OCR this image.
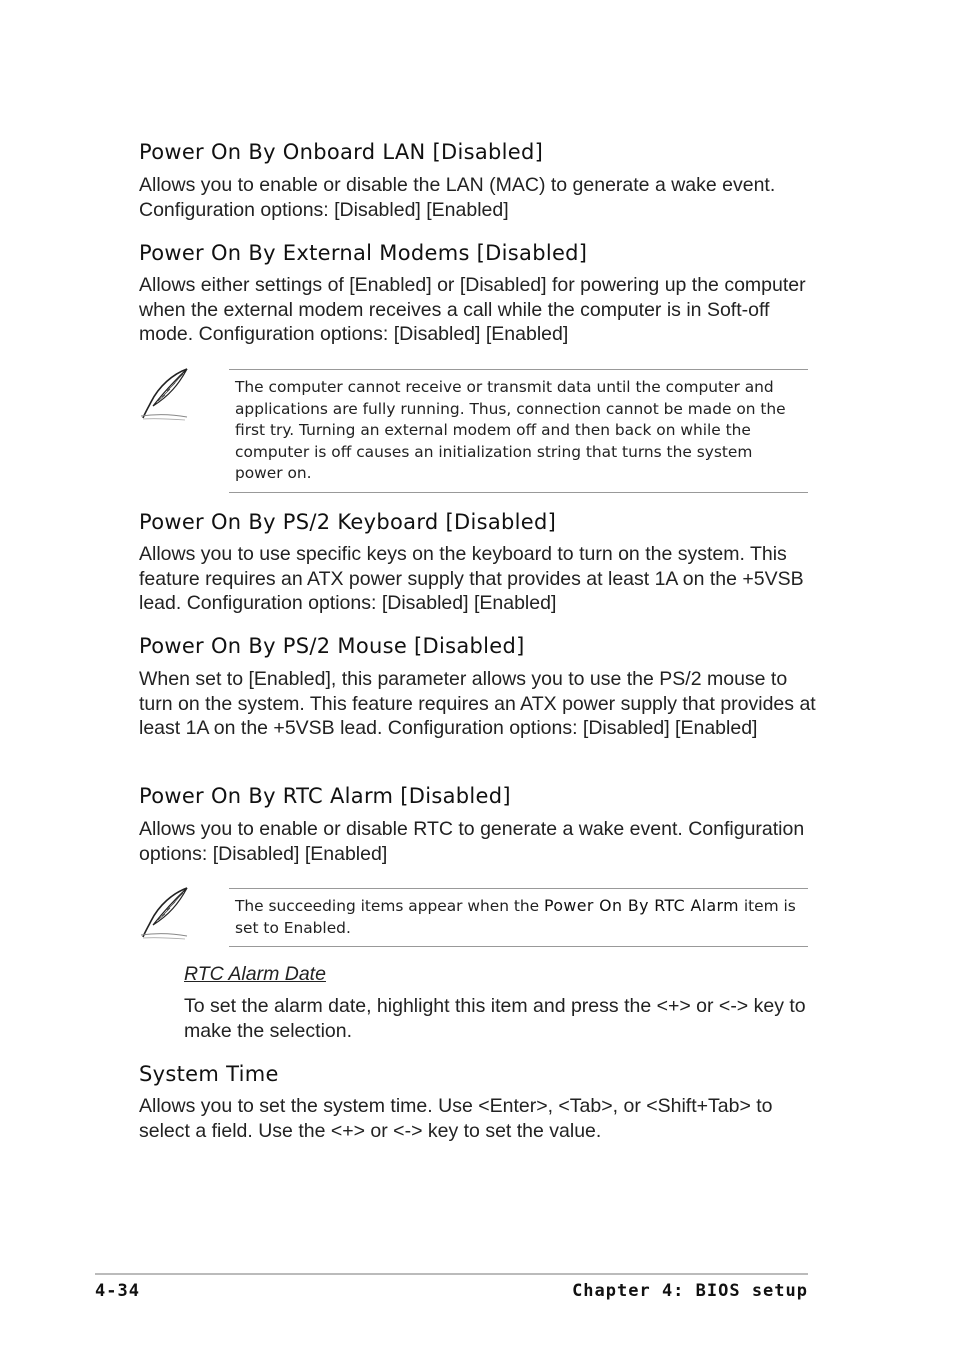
Power On By Onboard LAN [Disabled]
Allows you to enable or disable the LAN (MAC) to generate a wake event. Configuration options: [Disabled] [Enabled]
Power On By External Modems [Disabled]
Allows either settings of [Enabled] or [Disabled] for powering up the computer when the external modem receives a call while the computer is in Soft-off mode. Configuration options: [Disabled] [Enabled]
The computer cannot receive or transmit data until the computer and applications are fully running. Thus, connection cannot be made on the first try. Turning an external modem off and then back on while the computer is off causes an initialization string that turns the system power on.
Power On By PS/2 Keyboard [Disabled]
Allows you to use specific keys on the keyboard to turn on the system. This feature requires an ATX power supply that provides at least 1A on the +5VSB lead. Configuration options: [Disabled] [Enabled]
Power On By PS/2 Mouse [Disabled]
When set to [Enabled], this parameter allows you to use the PS/2 mouse to turn on the system. This feature requires an ATX power supply that provides at least 1A on the +5VSB lead. Configuration options: [Disabled] [Enabled]
Power On By RTC Alarm [Disabled]
Allows you to enable or disable RTC to generate a wake event. Configuration options: [Disabled] [Enabled]
The succeeding items appear when the Power On By RTC Alarm item is set to Enabled.
RTC Alarm Date
To set the alarm date, highlight this item and press the <+> or <-> key to make the selection.
System Time
Allows you to set the system time. Use <Enter>, <Tab>, or <Shift+Tab> to select a field. Use the <+> or <-> key to set the value.
4-34	Chapter 4: BIOS setup
